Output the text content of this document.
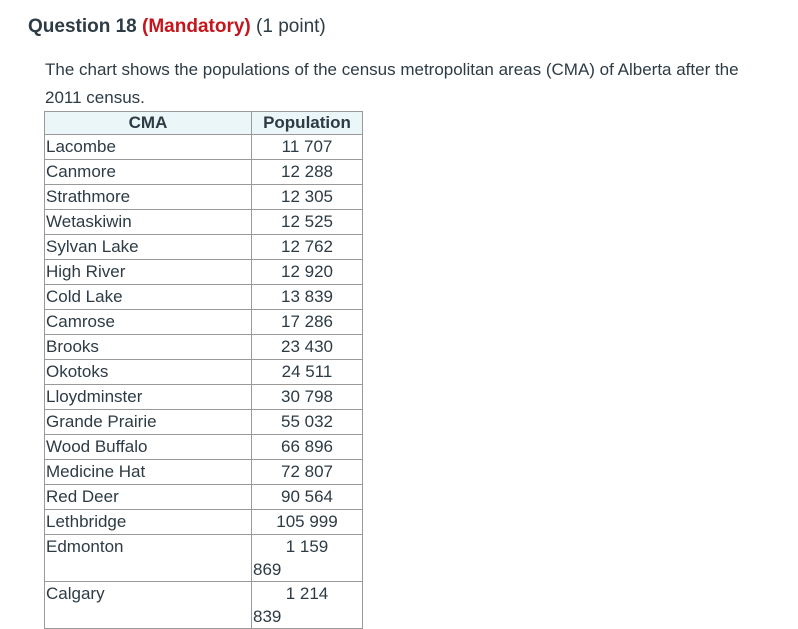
Question 18 (Mandatory) (1 point)
The chart shows the populations of the census metropolitan areas (CMA) of Alberta after the 2011 census.
CMA	Population
Lacombe	11 707
Canmore	12 288
Strathmore	12 305
Wetaskiwin	12 525
Sylvan Lake	12 762
High River	12 920
Cold Lake	13 839
Camrose	17 286
Brooks	23 430
Okotoks	24 511
Lloydminster	30 798
Grande Prairie	55 032
Wood Buffalo	66 896
Medicine Hat	72 807
Red Deer	90 564
Lethbridge	105 999
Edmonton	1 159
869

Calgary	1 214
839
